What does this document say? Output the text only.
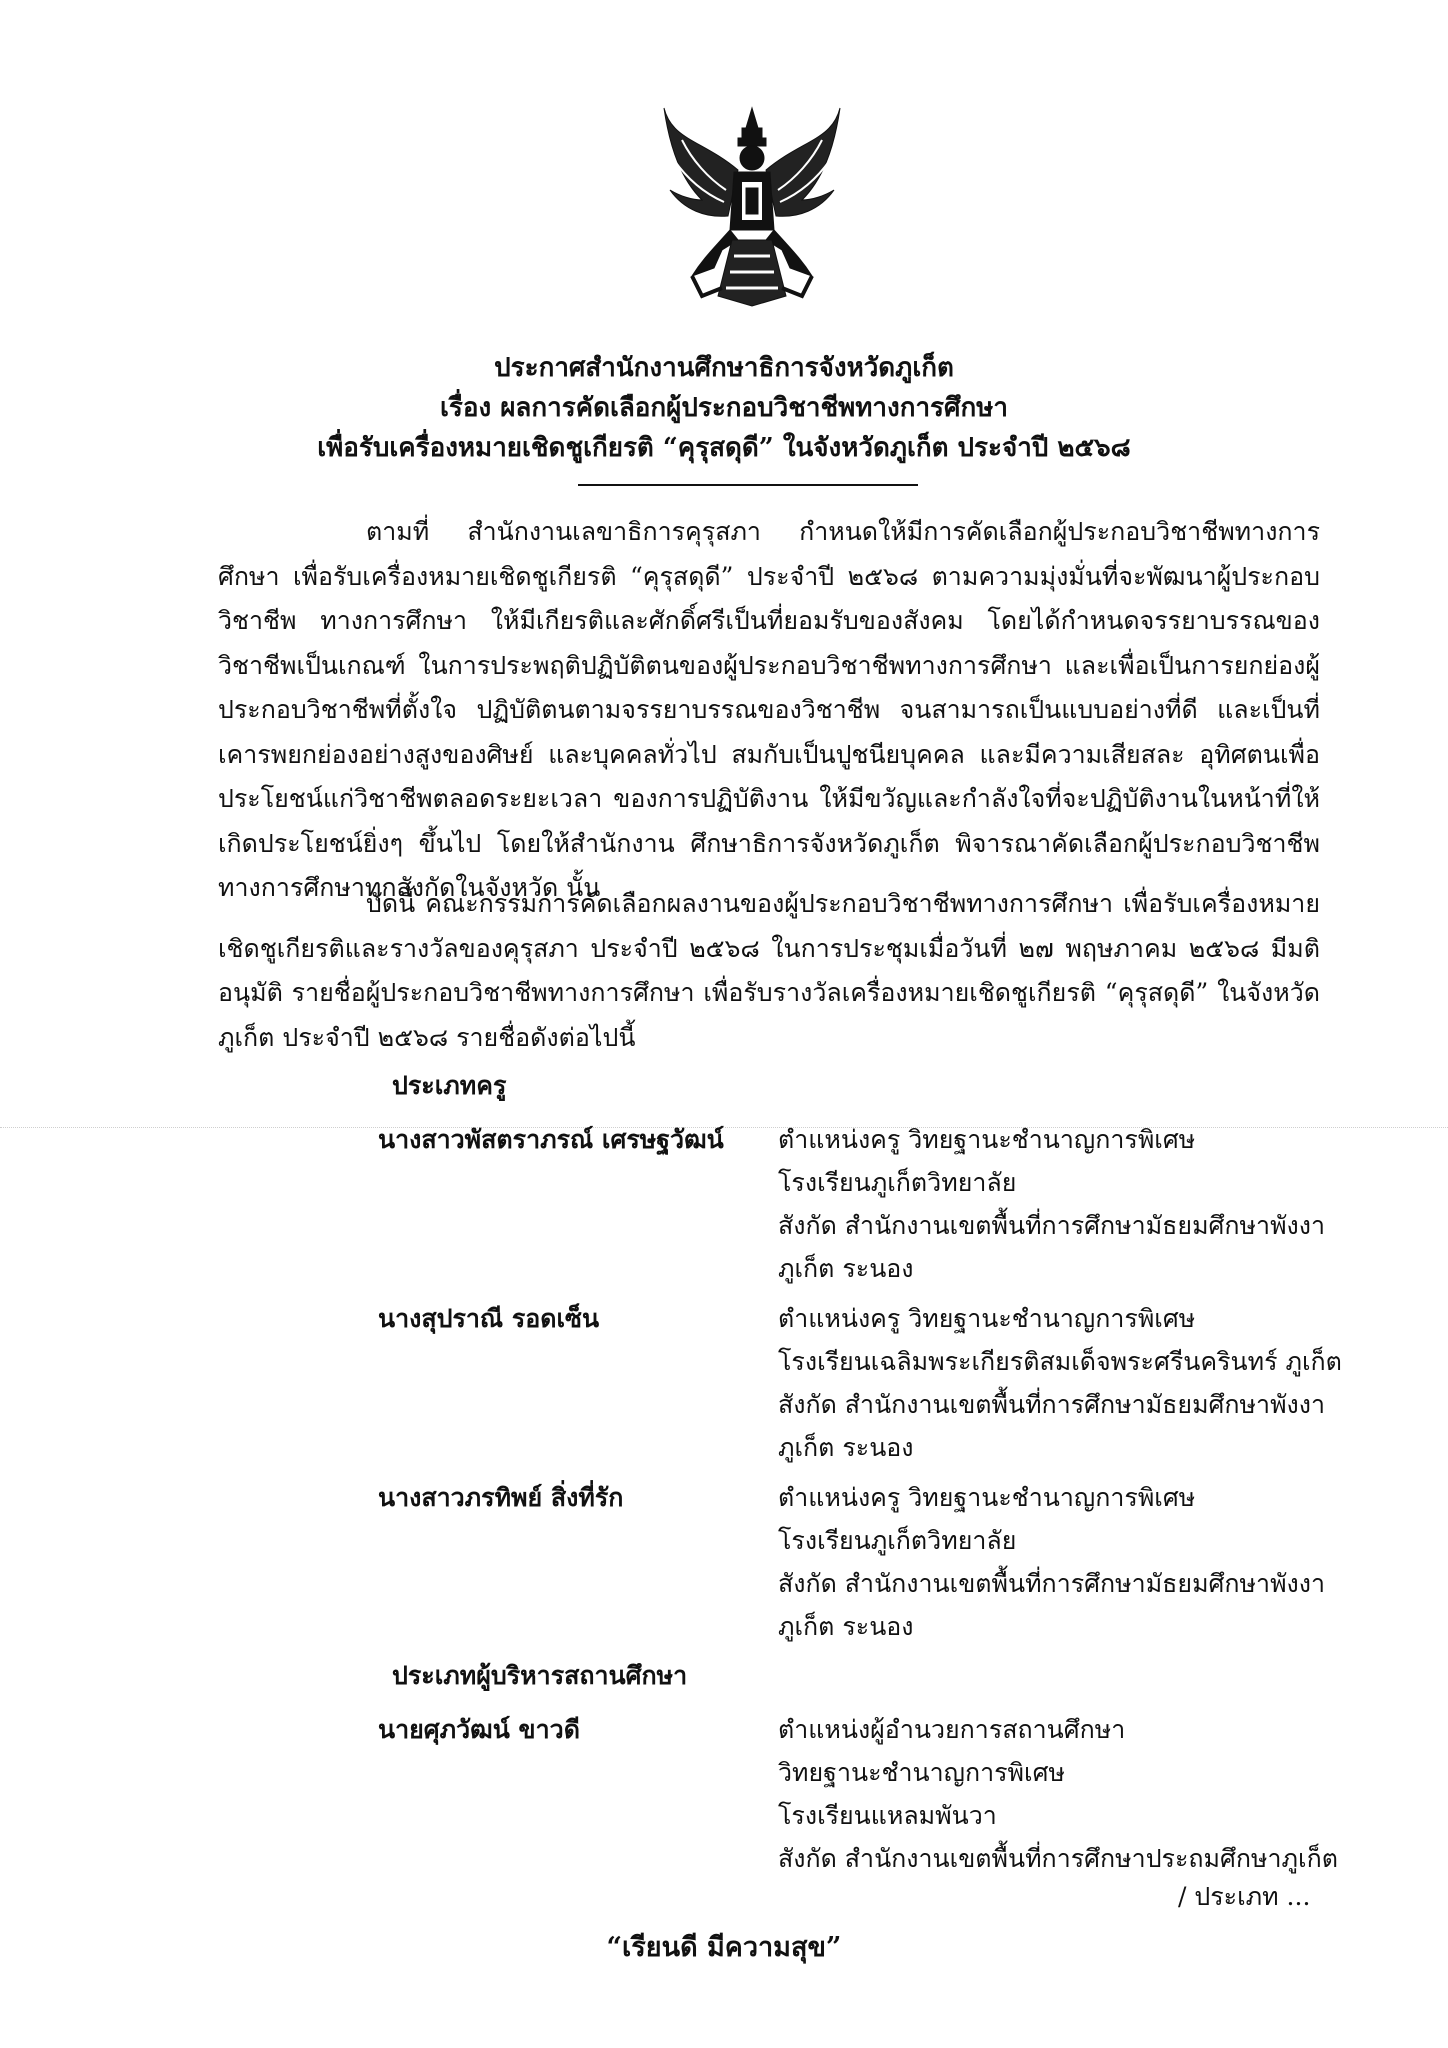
ประกาศสำนักงานศึกษาธิการจังหวัดภูเก็ต
เรื่อง ผลการคัดเลือกผู้ประกอบวิชาชีพทางการศึกษา
เพื่อรับเครื่องหมายเชิดชูเกียรติ “คุรุสดุดี” ในจังหวัดภูเก็ต ประจำปี ๒๕๖๘

ตามที่ สำนักงานเลขาธิการคุรุสภา กำหนดให้มีการคัดเลือกผู้ประกอบวิชาชีพทางการศึกษา เพื่อรับเครื่องหมายเชิดชูเกียรติ “คุรุสดุดี” ประจำปี ๒๕๖๘ ตามความมุ่งมั่นที่จะพัฒนาผู้ประกอบวิชาชีพ ทางการศึกษา ให้มีเกียรติและศักดิ์ศรีเป็นที่ยอมรับของสังคม โดยได้กำหนดจรรยาบรรณของวิชาชีพเป็นเกณฑ์ ในการประพฤติปฏิบัติตนของผู้ประกอบวิชาชีพทางการศึกษา และเพื่อเป็นการยกย่องผู้ประกอบวิชาชีพที่ตั้งใจ ปฏิบัติตนตามจรรยาบรรณของวิชาชีพ จนสามารถเป็นแบบอย่างที่ดี และเป็นที่เคารพยกย่องอย่างสูงของศิษย์ และบุคคลทั่วไป สมกับเป็นปูชนียบุคคล และมีความเสียสละ อุทิศตนเพื่อประโยชน์แก่วิชาชีพตลอดระยะเวลา ของการปฏิบัติงาน ให้มีขวัญและกำลังใจที่จะปฏิบัติงานในหน้าที่ให้เกิดประโยชน์ยิ่งๆ ขึ้นไป โดยให้สำนักงาน ศึกษาธิการจังหวัดภูเก็ต พิจารณาคัดเลือกผู้ประกอบวิชาชีพทางการศึกษาทุกสังกัดในจังหวัด นั้น

บัดนี้ คณะกรรมการคัดเลือกผลงานของผู้ประกอบวิชาชีพทางการศึกษา เพื่อรับเครื่องหมาย เชิดชูเกียรติและรางวัลของคุรุสภา ประจำปี ๒๕๖๘ ในการประชุมเมื่อวันที่ ๒๗ พฤษภาคม ๒๕๖๘ มีมติอนุมัติ รายชื่อผู้ประกอบวิชาชีพทางการศึกษา เพื่อรับรางวัลเครื่องหมายเชิดชูเกียรติ “คุรุสดุดี” ในจังหวัดภูเก็ต ประจำปี ๒๕๖๘ รายชื่อดังต่อไปนี้

ประเภทครู
นางสาวพัสตราภรณ์ เศรษฐวัฒน์ ตำแหน่งครู วิทยฐานะชำนาญการพิเศษ
โรงเรียนภูเก็ตวิทยาลัย
สังกัด สำนักงานเขตพื้นที่การศึกษามัธยมศึกษาพังงา
ภูเก็ต ระนอง
นางสุปราณี รอดเซ็น	ตำแหน่งครู วิทยฐานะชำนาญการพิเศษ
โรงเรียนเฉลิมพระเกียรติสมเด็จพระศรีนครินทร์ ภูเก็ต
สังกัด สำนักงานเขตพื้นที่การศึกษามัธยมศึกษาพังงา
ภูเก็ต ระนอง
นางสาวภรทิพย์ สิ่งที่รัก	ตำแหน่งครู วิทยฐานะชำนาญการพิเศษ
โรงเรียนภูเก็ตวิทยาลัย
สังกัด สำนักงานเขตพื้นที่การศึกษามัธยมศึกษาพังงา
ภูเก็ต ระนอง
ประเภทผู้บริหารสถานศึกษา
นายศุภวัฒน์ ขาวดี	ตำแหน่งผู้อำนวยการสถานศึกษา
วิทยฐานะชำนาญการพิเศษ
โรงเรียนแหลมพันวา
สังกัด สำนักงานเขตพื้นที่การศึกษาประถมศึกษาภูเก็ต
/ ประเภท ...
“เรียนดี มีความสุข”
